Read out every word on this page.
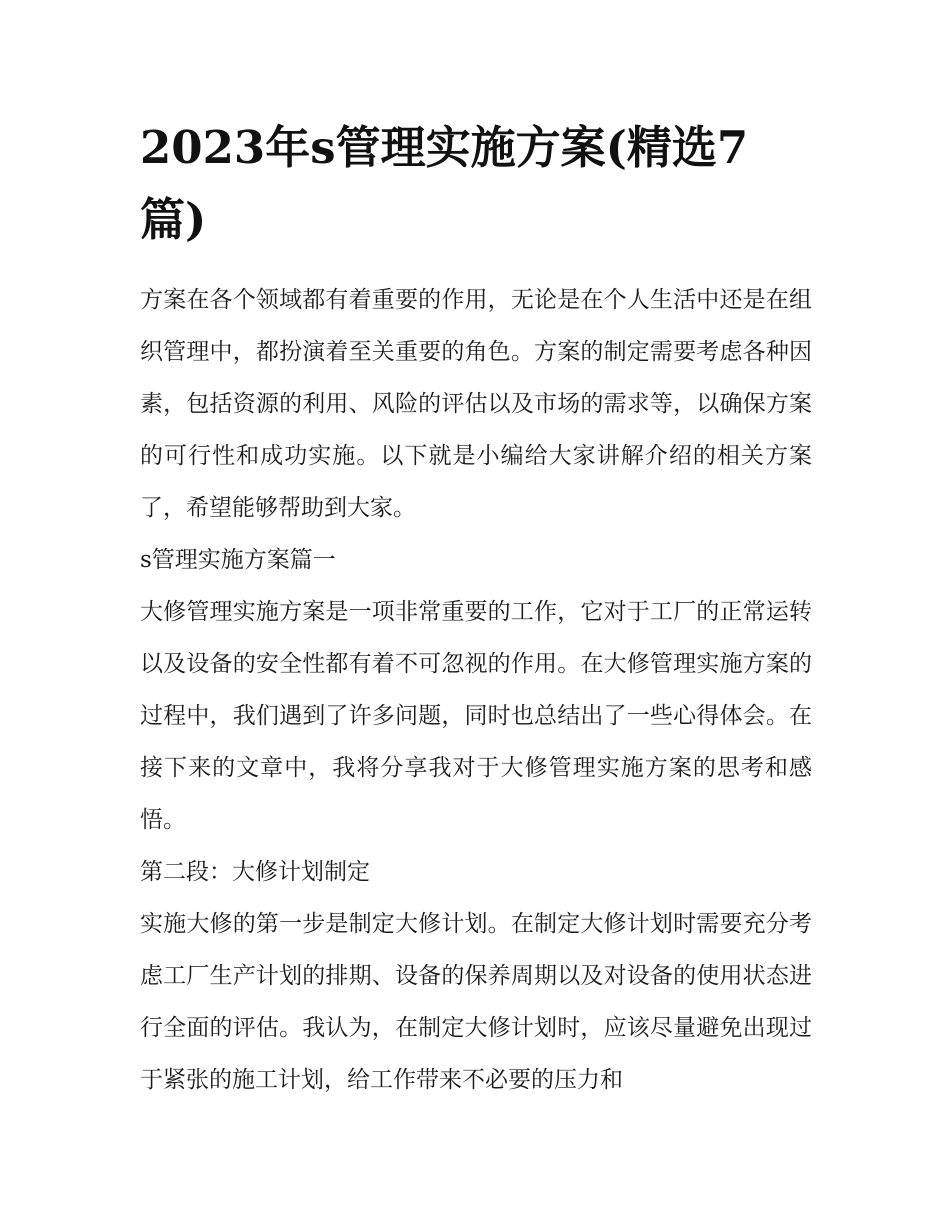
2023年s管理实施方案(精选7篇)

方案在各个领域都有着重要的作用，无论是在个人生活中还是在组织管理中，都扮演着至关重要的角色。方案的制定需要考虑各种因素，包括资源的利用、风险的评估以及市场的需求等，以确保方案的可行性和成功实施。以下就是小编给大家讲解介绍的相关方案了，希望能够帮助到大家。

s管理实施方案篇一

大修管理实施方案是一项非常重要的工作，它对于工厂的正常运转以及设备的安全性都有着不可忽视的作用。在大修管理实施方案的过程中，我们遇到了许多问题，同时也总结出了一些心得体会。在接下来的文章中，我将分享我对于大修管理实施方案的思考和感悟。

第二段：大修计划制定

实施大修的第一步是制定大修计划。在制定大修计划时需要充分考虑工厂生产计划的排期、设备的保养周期以及对设备的使用状态进行全面的评估。我认为，在制定大修计划时，应该尽量避免出现过于紧张的施工计划，给工作带来不必要的压力和
